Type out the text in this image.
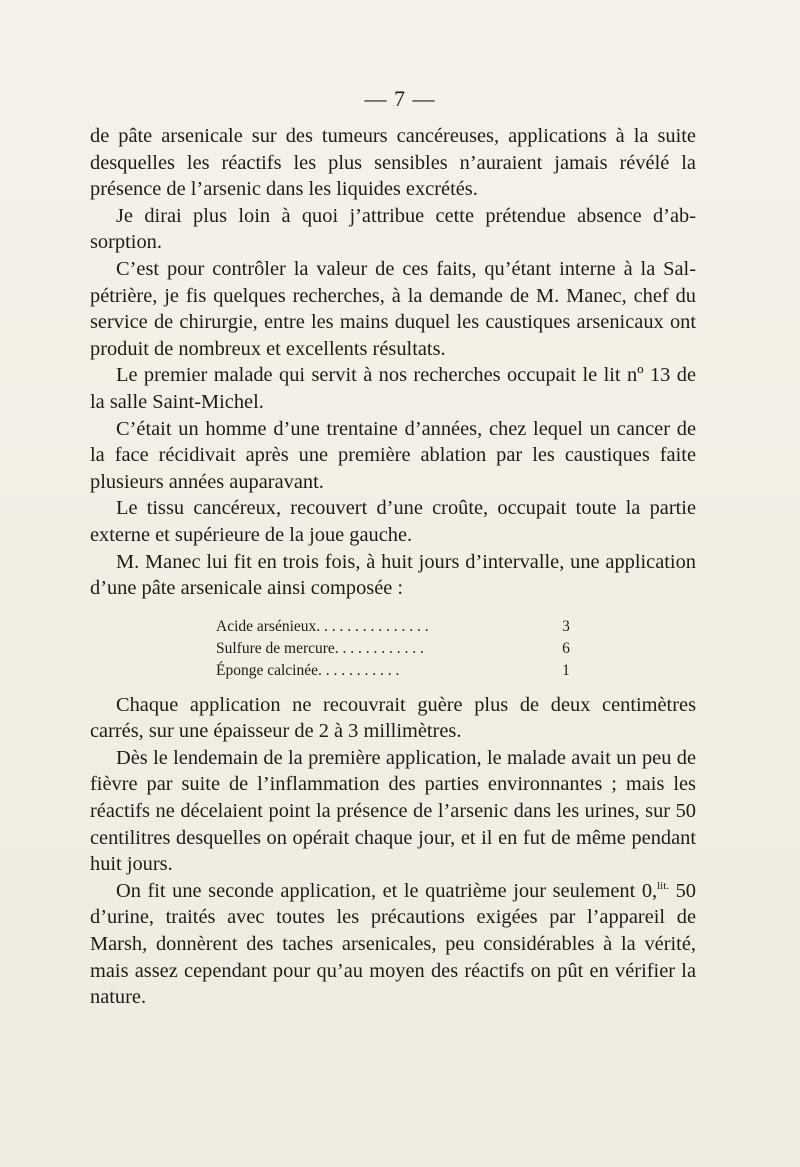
— 7 —

de pâte arsenicale sur des tumeurs cancéreuses, applications à la suite desquelles les réactifs les plus sensibles n’auraient jamais révélé la présence de l’arsenic dans les liquides excrétés.

Je dirai plus loin à quoi j’attribue cette prétendue absence d’absorption.

C’est pour contrôler la valeur de ces faits, qu’étant interne à la Salpétrière, je fis quelques recherches, à la demande de M. Manec, chef du service de chirurgie, entre les mains duquel les caustiques arsenicaux ont produit de nombreux et excellents résultats.

Le premier malade qui servit à nos recherches occupait le lit nº 13 de la salle Saint-Michel.

C’était un homme d’une trentaine d’années, chez lequel un cancer de la face récidivait après une première ablation par les caustiques faite plusieurs années auparavant.

Le tissu cancéreux, recouvert d’une croûte, occupait toute la partie externe et supérieure de la joue gauche.

M. Manec lui fit en trois fois, à huit jours d’intervalle, une application d’une pâte arsenicale ainsi composée :

Acide arsénieux. . . . . . . . . . . . . . .	3
Sulfure de mercure. . . . . . . . . . . .	6
Éponge calcinée. . . . . . . . . . .	1

Chaque application ne recouvrait guère plus de deux centimètres carrés, sur une épaisseur de 2 à 3 millimètres.

Dès le lendemain de la première application, le malade avait un peu de fièvre par suite de l’inflammation des parties environnantes ; mais les réactifs ne décelaient point la présence de l’arsenic dans les urines, sur 50 centilitres desquelles on opérait chaque jour, et il en fut de même pendant huit jours.

On fit une seconde application, et le quatrième jour seulement 0,$^{lit.}$ 50 d’urine, traités avec toutes les précautions exigées par l’appareil de Marsh, donnèrent des taches arsenicales, peu considérables à la vérité, mais assez cependant pour qu’au moyen des réactifs on pût en vérifier la nature.
